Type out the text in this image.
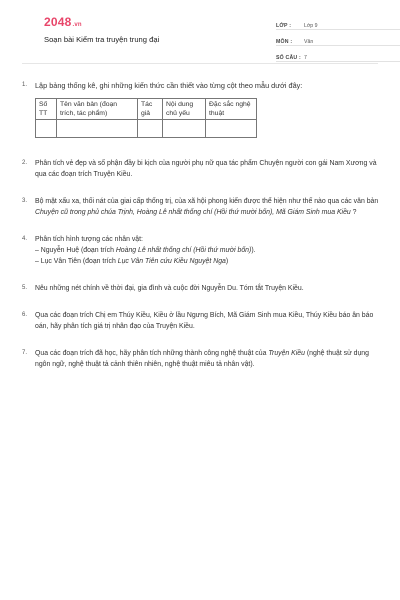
2048.vn
Soạn bài Kiểm tra truyện trung đại
LỚP :	Lớp 9
MÔN :	Văn
SỐ CÂU : 7
1.	Lập bảng thống kê, ghi những kiến thức cần thiết vào từng cột theo mẫu dưới đây:
Số TT	Tên văn bản (đoạn trích, tác phẩm)	Tác giả	Nội dung chủ yếu	Đặc sắc nghệ thuật

2.	Phân tích vẻ đẹp và số phận đầy bi kịch của người phụ nữ qua tác phẩm Chuyện người con gái Nam Xương và qua các đoạn trích Truyện Kiều.
3.	Bộ mặt xấu xa, thối nát của giai cấp thống trị, của xã hội phong kiến được thể hiện như thế nào qua các văn bản Chuyện cũ trong phủ chúa Trịnh, Hoàng Lê nhất thống chí (Hồi thứ mười bốn), Mã Giám Sinh mua Kiều ?
4.	Phân tích hình tượng các nhân vật:
– Nguyễn Huệ (đoạn trích Hoàng Lê nhất thống chí (Hồi thứ mười bốn)).
– Lục Vân Tiên (đoạn trích Lục Vân Tiên cứu Kiều Nguyệt Nga)
5.	Nêu những nét chính về thời đại, gia đình và cuộc đời Nguyễn Du. Tóm tắt Truyện Kiều.
6.	Qua các đoạn trích Chị em Thúy Kiều, Kiều ở lầu Ngưng Bích, Mã Giám Sinh mua Kiều, Thúy Kiều báo ân báo oán, hãy phân tích giá trị nhân đạo của Truyện Kiều.
7.	Qua các đoạn trích đã học, hãy phân tích những thành công nghệ thuật của Truyện Kiều (nghệ thuật sử dụng ngôn ngữ, nghệ thuật tả cảnh thiên nhiên, nghệ thuật miêu tả nhân vật).
